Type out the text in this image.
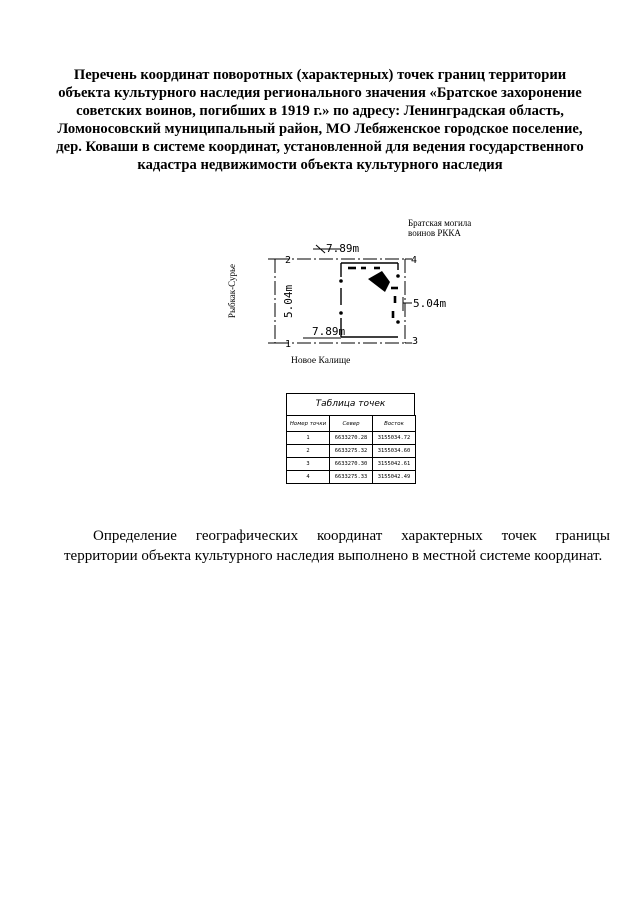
Перечень координат поворотных (характерных) точек границ территории
объекта культурного наследия регионального значения «Братское захоронение
советских воинов, погибших в 1919 г.» по адресу: Ленинградская область,
Ломоносовский муниципальный район, МО Лебяженское городское поселение,
дер. Коваши в системе координат, установленной для ведения государственного
кадастра недвижимости объекта культурного наследия
7.89m
7.89m
5.04m
5.04m
2	4
3
1
Братская могила
воинов РККА
Рыбкак-Сурье
Новое Калище
Таблица точек
Номер точки	Север	Восток
1	6633270.28	3155034.72
2	6633275.32	3155034.60
3	6633270.30	3155042.61
4	6633275.33	3155042.49
Определение географических координат характерных точек границы
территории объекта культурного наследия выполнено в местной системе координат.
